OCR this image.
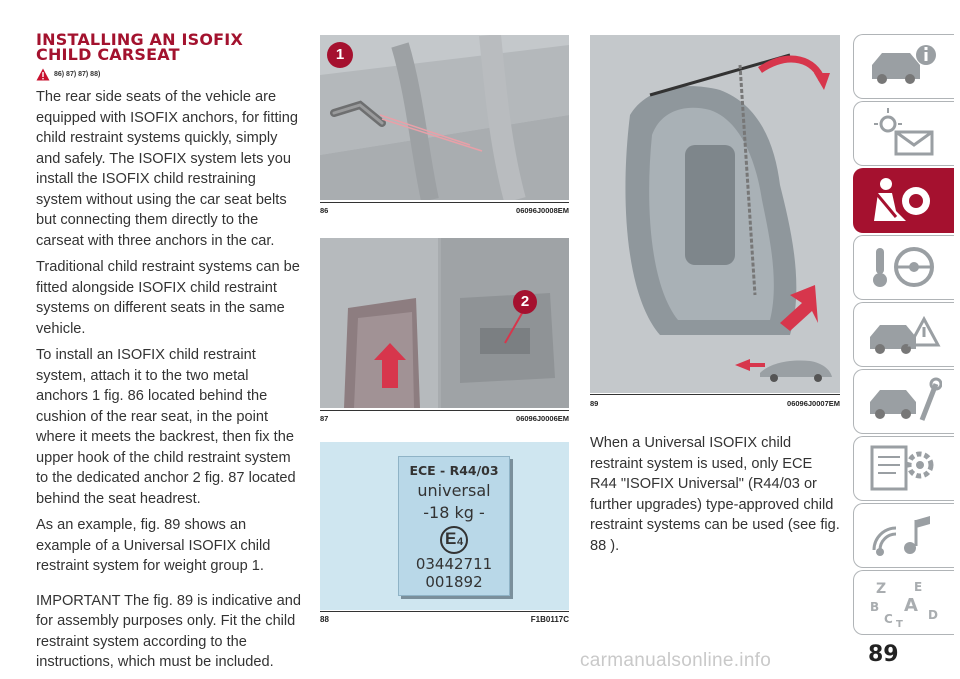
INSTALLING AN ISOFIX CHILD CARSEAT
86) 87) 87) 88)

The rear side seats of the vehicle are equipped with ISOFIX anchors, for fitting child restraint systems quickly, simply and safely. The ISOFIX system lets you install the ISOFIX child restraining system without using the car seat belts but connecting them directly to the carseat with three anchors in the car.

Traditional child restraint systems can be fitted alongside ISOFIX child restraint systems on different seats in the same vehicle.

To install an ISOFIX child restraint system, attach it to the two metal anchors 1 fig. 86 located behind the cushion of the rear seat, in the point where it meets the backrest, then fix the upper hook of the child restraint system to the dedicated anchor 2 fig. 87 located behind the seat headrest.

As an example, fig. 89 shows an example of a Universal ISOFIX child restraint system for weight group 1.

IMPORTANT The fig. 89 is indicative and for assembly purposes only. Fit the child restraint system according to the instructions, which must be included.

1
86	06096J0008EM
2
87	06096J0006EM
ECE - R44/03
universal
-18 kg -
E 4
03442711
001892
88	F1B0117C
89	06096J0007EM

When a Universal ISOFIX child restraint system is used, only ECE R44 "ISOFIX Universal" (R44/03 or further upgrades) type-approved child restraint systems can be used (see fig. 88 ).

Z E
B A
C	D
T
89
carmanualsonline.info
